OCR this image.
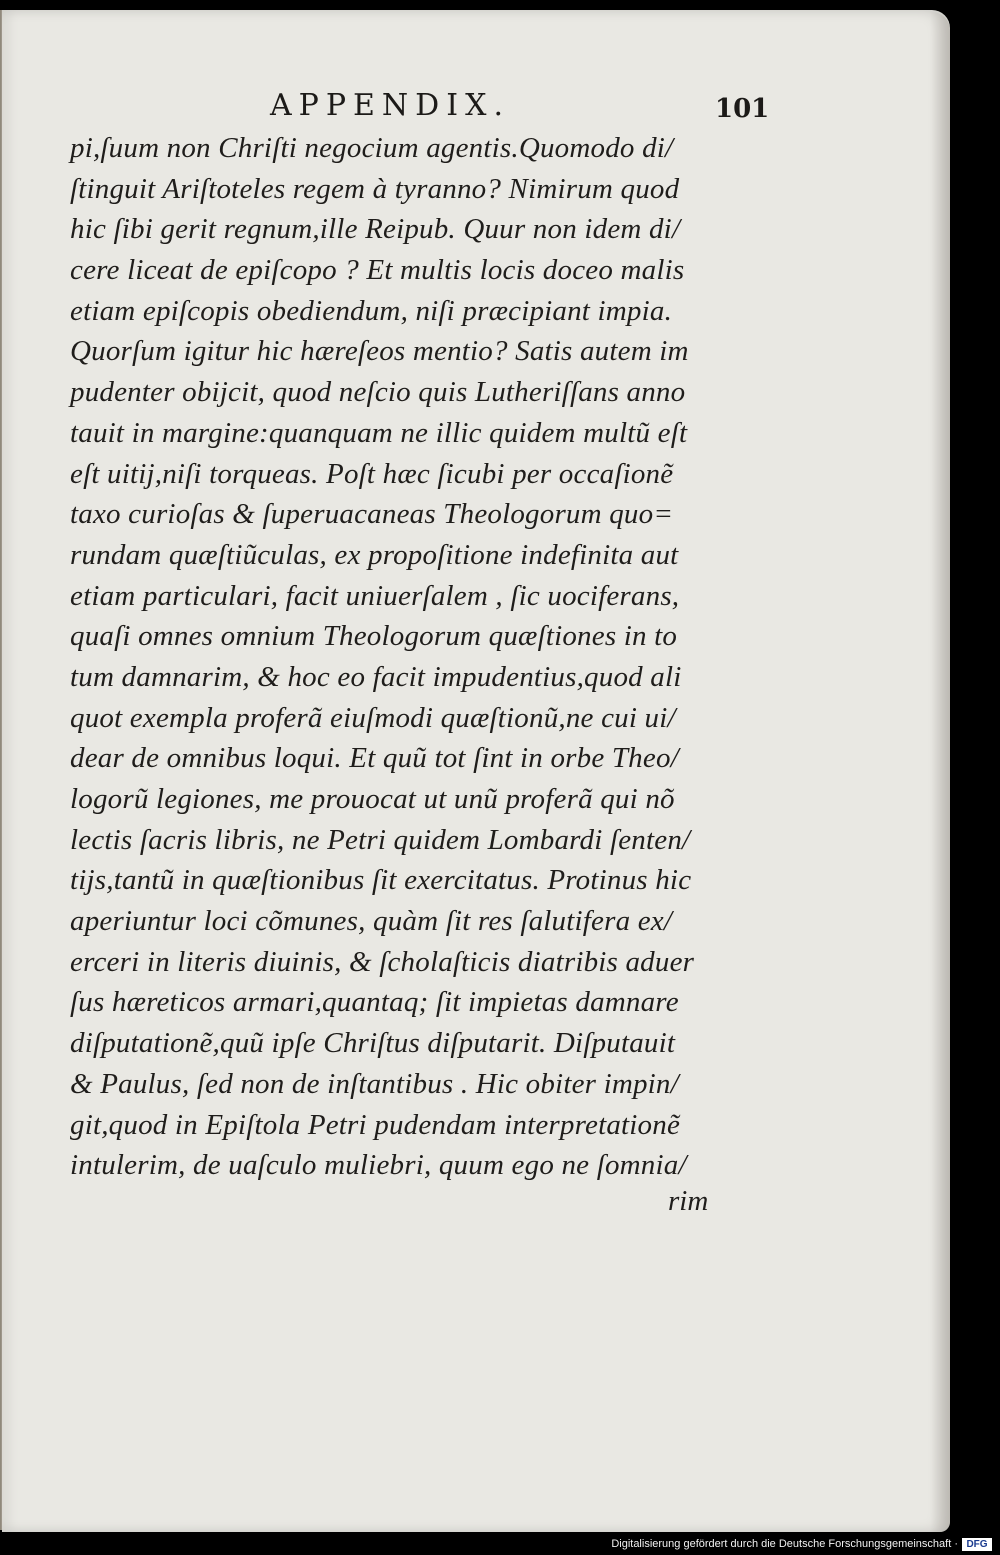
APPENDIX.	101
pi,ſuum non Chriſti negocium agentis.Quomodo di/
ſtinguit Ariſtoteles regem à tyranno? Nimirum quod
hic ſibi gerit regnum,ille Reipub. Quur non idem di/
cere liceat de epiſcopo ? Et multis locis doceo malis
etiam epiſcopis obediendum, niſi præcipiant impia.
Quorſum igitur hic hæreſeos mentio? Satis autem im
pudenter obijcit, quod neſcio quis Lutheriſſans anno
tauit in margine:quanquam ne illic quidem multũ eſt
eſt uitij,niſi torqueas. Poſt hæc ſicubi per occaſionẽ
taxo curioſas & ſuperuacaneas Theologorum quo=
rundam quæſtiũculas, ex propoſitione indefinita aut
etiam particulari, facit uniuerſalem , ſic uociferans,
quaſi omnes omnium Theologorum quæſtiones in to
tum damnarim, & hoc eo facit impudentius,quod ali
quot exempla proferã eiuſmodi quæſtionũ,ne cui ui/
dear de omnibus loqui. Et quũ tot ſint in orbe Theo/
logorũ legiones, me prouocat ut unũ proferã qui nõ
lectis ſacris libris, ne Petri quidem Lombardi ſenten/
tijs,tantũ in quæſtionibus ſit exercitatus. Protinus hic
aperiuntur loci cõmunes, quàm ſit res ſalutifera ex/
erceri in literis diuinis, & ſcholaſticis diatribis aduer
ſus hæreticos armari,quantaq; ſit impietas damnare
diſputationẽ,quũ ipſe Chriſtus diſputarit. Diſputauit
& Paulus, ſed non de inſtantibus . Hic obiter impin/
git,quod in Epiſtola Petri pudendam interpretationẽ
intulerim, de uaſculo muliebri, quum ego ne ſomnia/
rim
Digitalisierung gefördert durch die Deutsche Forschungsgemeinschaft · DFG
